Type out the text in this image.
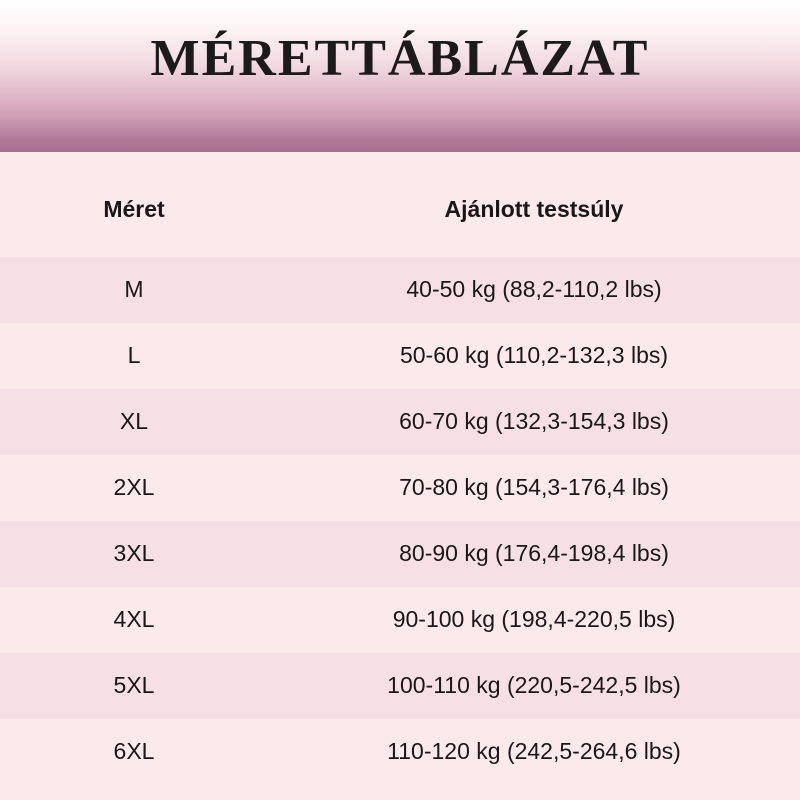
MÉRETTÁBLÁZAT
Méret	Ajánlott testsúly

M	40-50 kg (88,2-110,2 lbs)

L	50-60 kg (110,2-132,3 lbs)

XL	60-70 kg (132,3-154,3 lbs)

2XL	70-80 kg (154,3-176,4 lbs)

3XL	80-90 kg (176,4-198,4 lbs)

4XL	90-100 kg (198,4-220,5 lbs)

5XL	100-110 kg (220,5-242,5 lbs)

6XL	110-120 kg (242,5-264,6 lbs)
